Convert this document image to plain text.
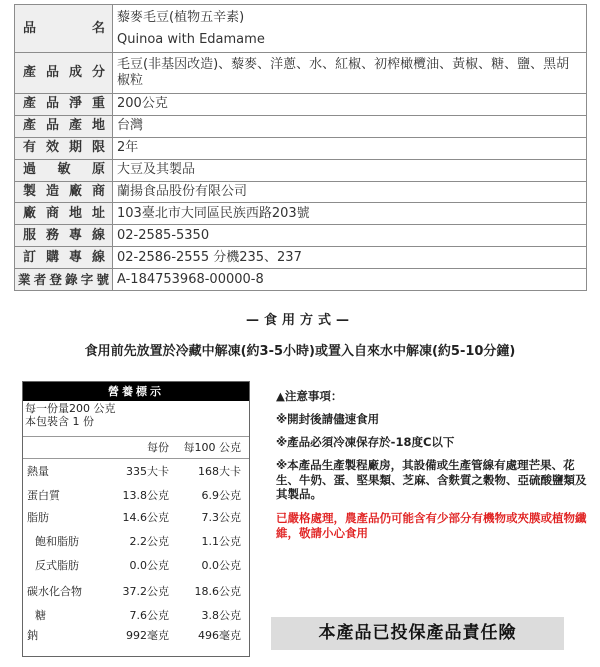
品　　名	藜麥毛豆(植物五辛素)
Quinoa with Edamame

產品成分	毛豆(非基因改造)、藜麥、洋蔥、水、紅椒、初榨橄欖油、黃椒、糖、鹽、黑胡椒粒
產品淨重	200公克
產品產地	台灣
有效期限	2年
過敏原	大豆及其製品
製造廠商	蘭揚食品股份有限公司
廠商地址	103臺北市大同區民族西路203號
服務專線	02-2585-5350
訂購專線	02-2586-2555 分機235、237
業者登錄字號	A-184753968-00000-8
—食用方式—
食用前先放置於冷藏中解凍(約3-5小時)或置入自來水中解凍(約5-10分鐘)
營養標示
每一份量200 公克
本包裝含 1 份
每份	每100 公克
熱量	335大卡	168大卡
蛋白質	13.8公克	6.9公克
脂肪	14.6公克	7.3公克
飽和脂肪	2.2公克	1.1公克
反式脂肪	0.0公克	0.0公克
碳水化合物	37.2公克	18.6公克
糖	7.6公克	3.8公克
鈉	992毫克	496毫克
▲注意事項：
※開封後請儘速食用
※產品必須冷凍保存於-18度C以下
※本產品生產製程廠房，其設備或生產管線有處理芒果、花生、牛奶、蛋、堅果類、芝麻、含麩質之穀物、亞硫酸鹽類及其製品。
已嚴格處理，農產品仍可能含有少部分有機物或夾膜或植物纖維，敬請小心食用
本產品已投保產品責任險
